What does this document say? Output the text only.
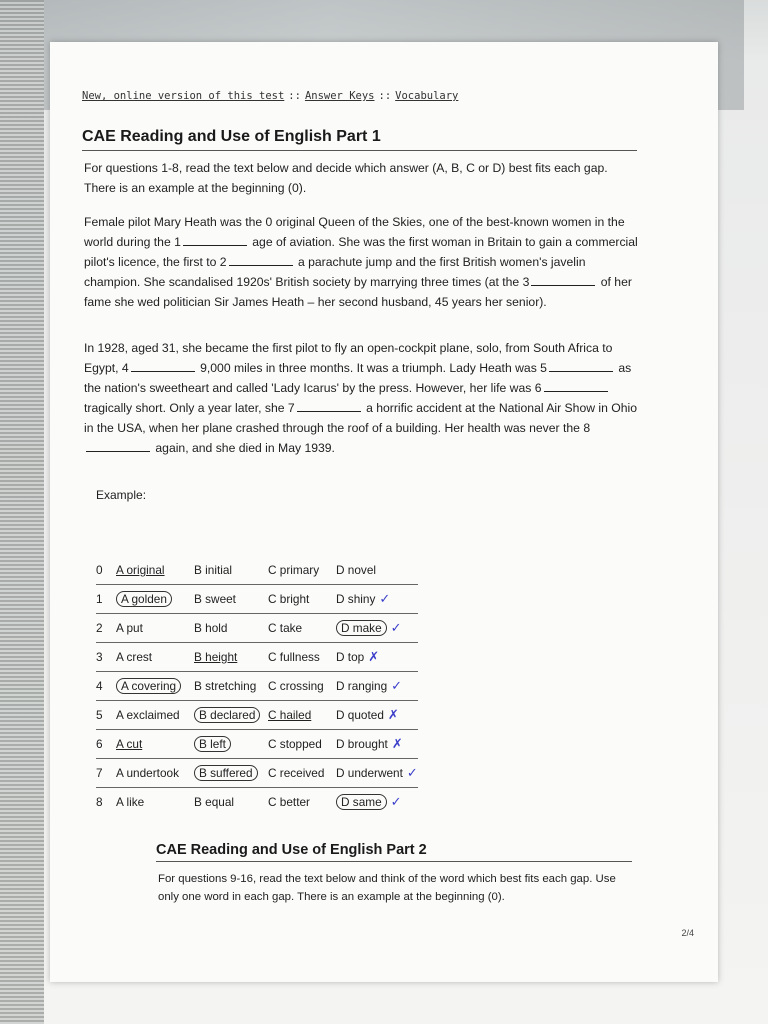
2/4
New, online version of this test :: Answer Keys :: Vocabulary
CAE Reading and Use of English Part 1

For questions 1-8, read the text below and decide which answer (A, B, C or D) best fits each gap. There is an example at the beginning (0).

Female pilot Mary Heath was the 0 original Queen of the Skies, one of the best-known women in the world during the 1	age of aviation. She was the first woman in Britain to gain a commercial pilot's licence, the first to 2	a parachute jump and the first British women's javelin champion. She scandalised 1920s' British society by marrying three times (at the 3	of her fame she wed politician Sir James Heath – her second husband, 45 years her senior).

In 1928, aged 31, she became the first pilot to fly an open-cockpit plane, solo, from South Africa to Egypt, 4	9,000 miles in three months. It was a triumph. Lady Heath was 5	as the nation's sweetheart and called 'Lady Icarus' by the press. However, her life was 6 tragically short. Only a year later, she 7	a horrific accident at the National Air Show in Ohio in the USA, when her plane crashed through the roof of a building. Her health was never the 8 again, and she died in May 1939.

Example:
0	A original	B initial	C primary	D novel
1	A golden	B sweet	C bright	D shiny ✓
2	A put	B hold	C take	D make ✓
3	A crest	B height	C fullness	D top ✗
4	A covering	B stretching	C crossing	D ranging ✓
5	A exclaimed	B declared	C hailed	D quoted ✗
6	A cut	B left	C stopped	D brought ✗
7	A undertook	B suffered	C received	D underwent ✓
8	A like	B equal	C better	D same ✓
CAE Reading and Use of English Part 2

For questions 9-16, read the text below and think of the word which best fits each gap. Use only one word in each gap. There is an example at the beginning (0).
